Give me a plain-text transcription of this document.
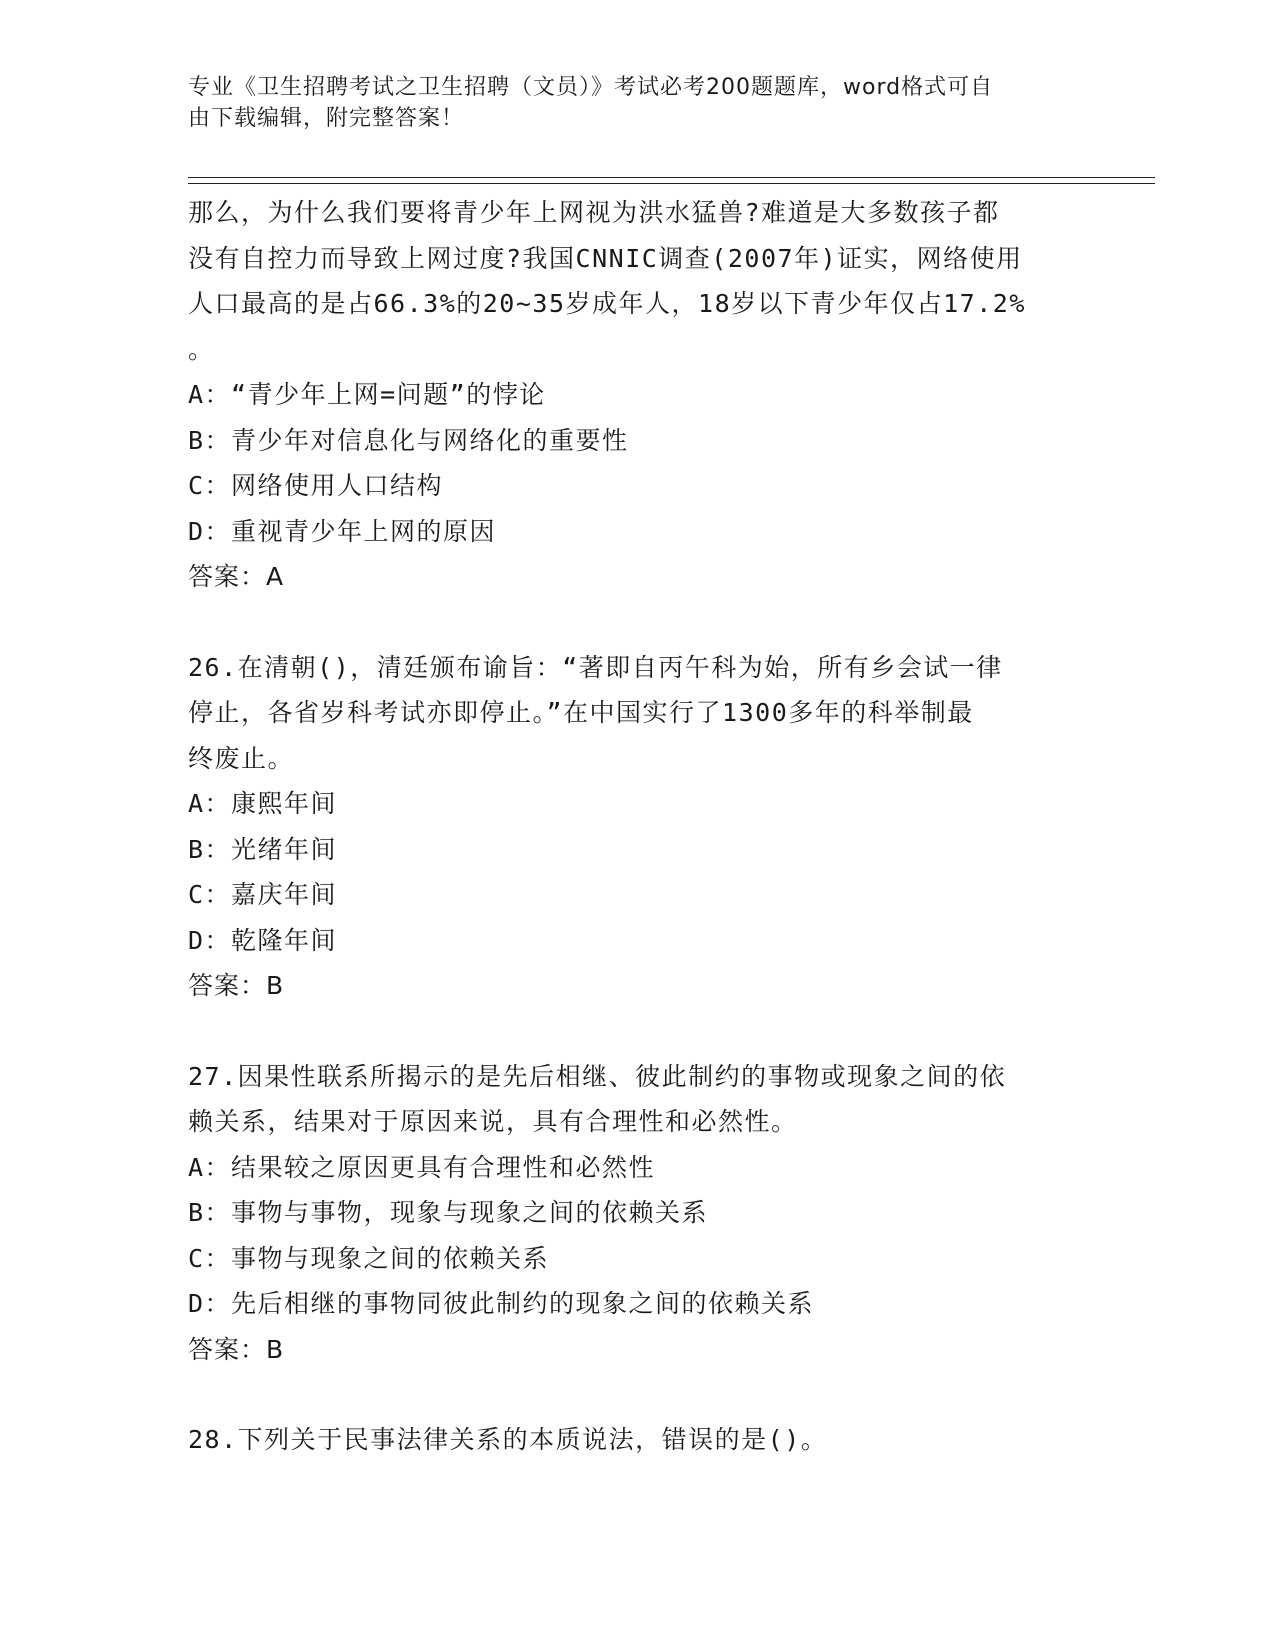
专业《卫生招聘考试之卫生招聘（文员）》考试必考200题题库，word格式可自
由下载编辑，附完整答案！
那么，为什么我们要将青少年上网视为洪水猛兽?难道是大多数孩子都
没有自控力而导致上网过度?我国CNNIC调查(2007年)证实，网络使用
人口最高的是占66.3%的20~35岁成年人，18岁以下青少年仅占17.2%
。
A：“青少年上网=问题”的悖论
B：青少年对信息化与网络化的重要性
C：网络使用人口结构
D：重视青少年上网的原因
答案：A
26.在清朝()，清廷颁布谕旨：“著即自丙午科为始，所有乡会试一律
停止，各省岁科考试亦即停止。”在中国实行了1300多年的科举制最
终废止。
A：康熙年间
B：光绪年间
C：嘉庆年间
D：乾隆年间
答案：B
27.因果性联系所揭示的是先后相继、彼此制约的事物或现象之间的依
赖关系，结果对于原因来说，具有合理性和必然性。
A：结果较之原因更具有合理性和必然性
B：事物与事物，现象与现象之间的依赖关系
C：事物与现象之间的依赖关系
D：先后相继的事物同彼此制约的现象之间的依赖关系
答案：B
28.下列关于民事法律关系的本质说法，错误的是()。
